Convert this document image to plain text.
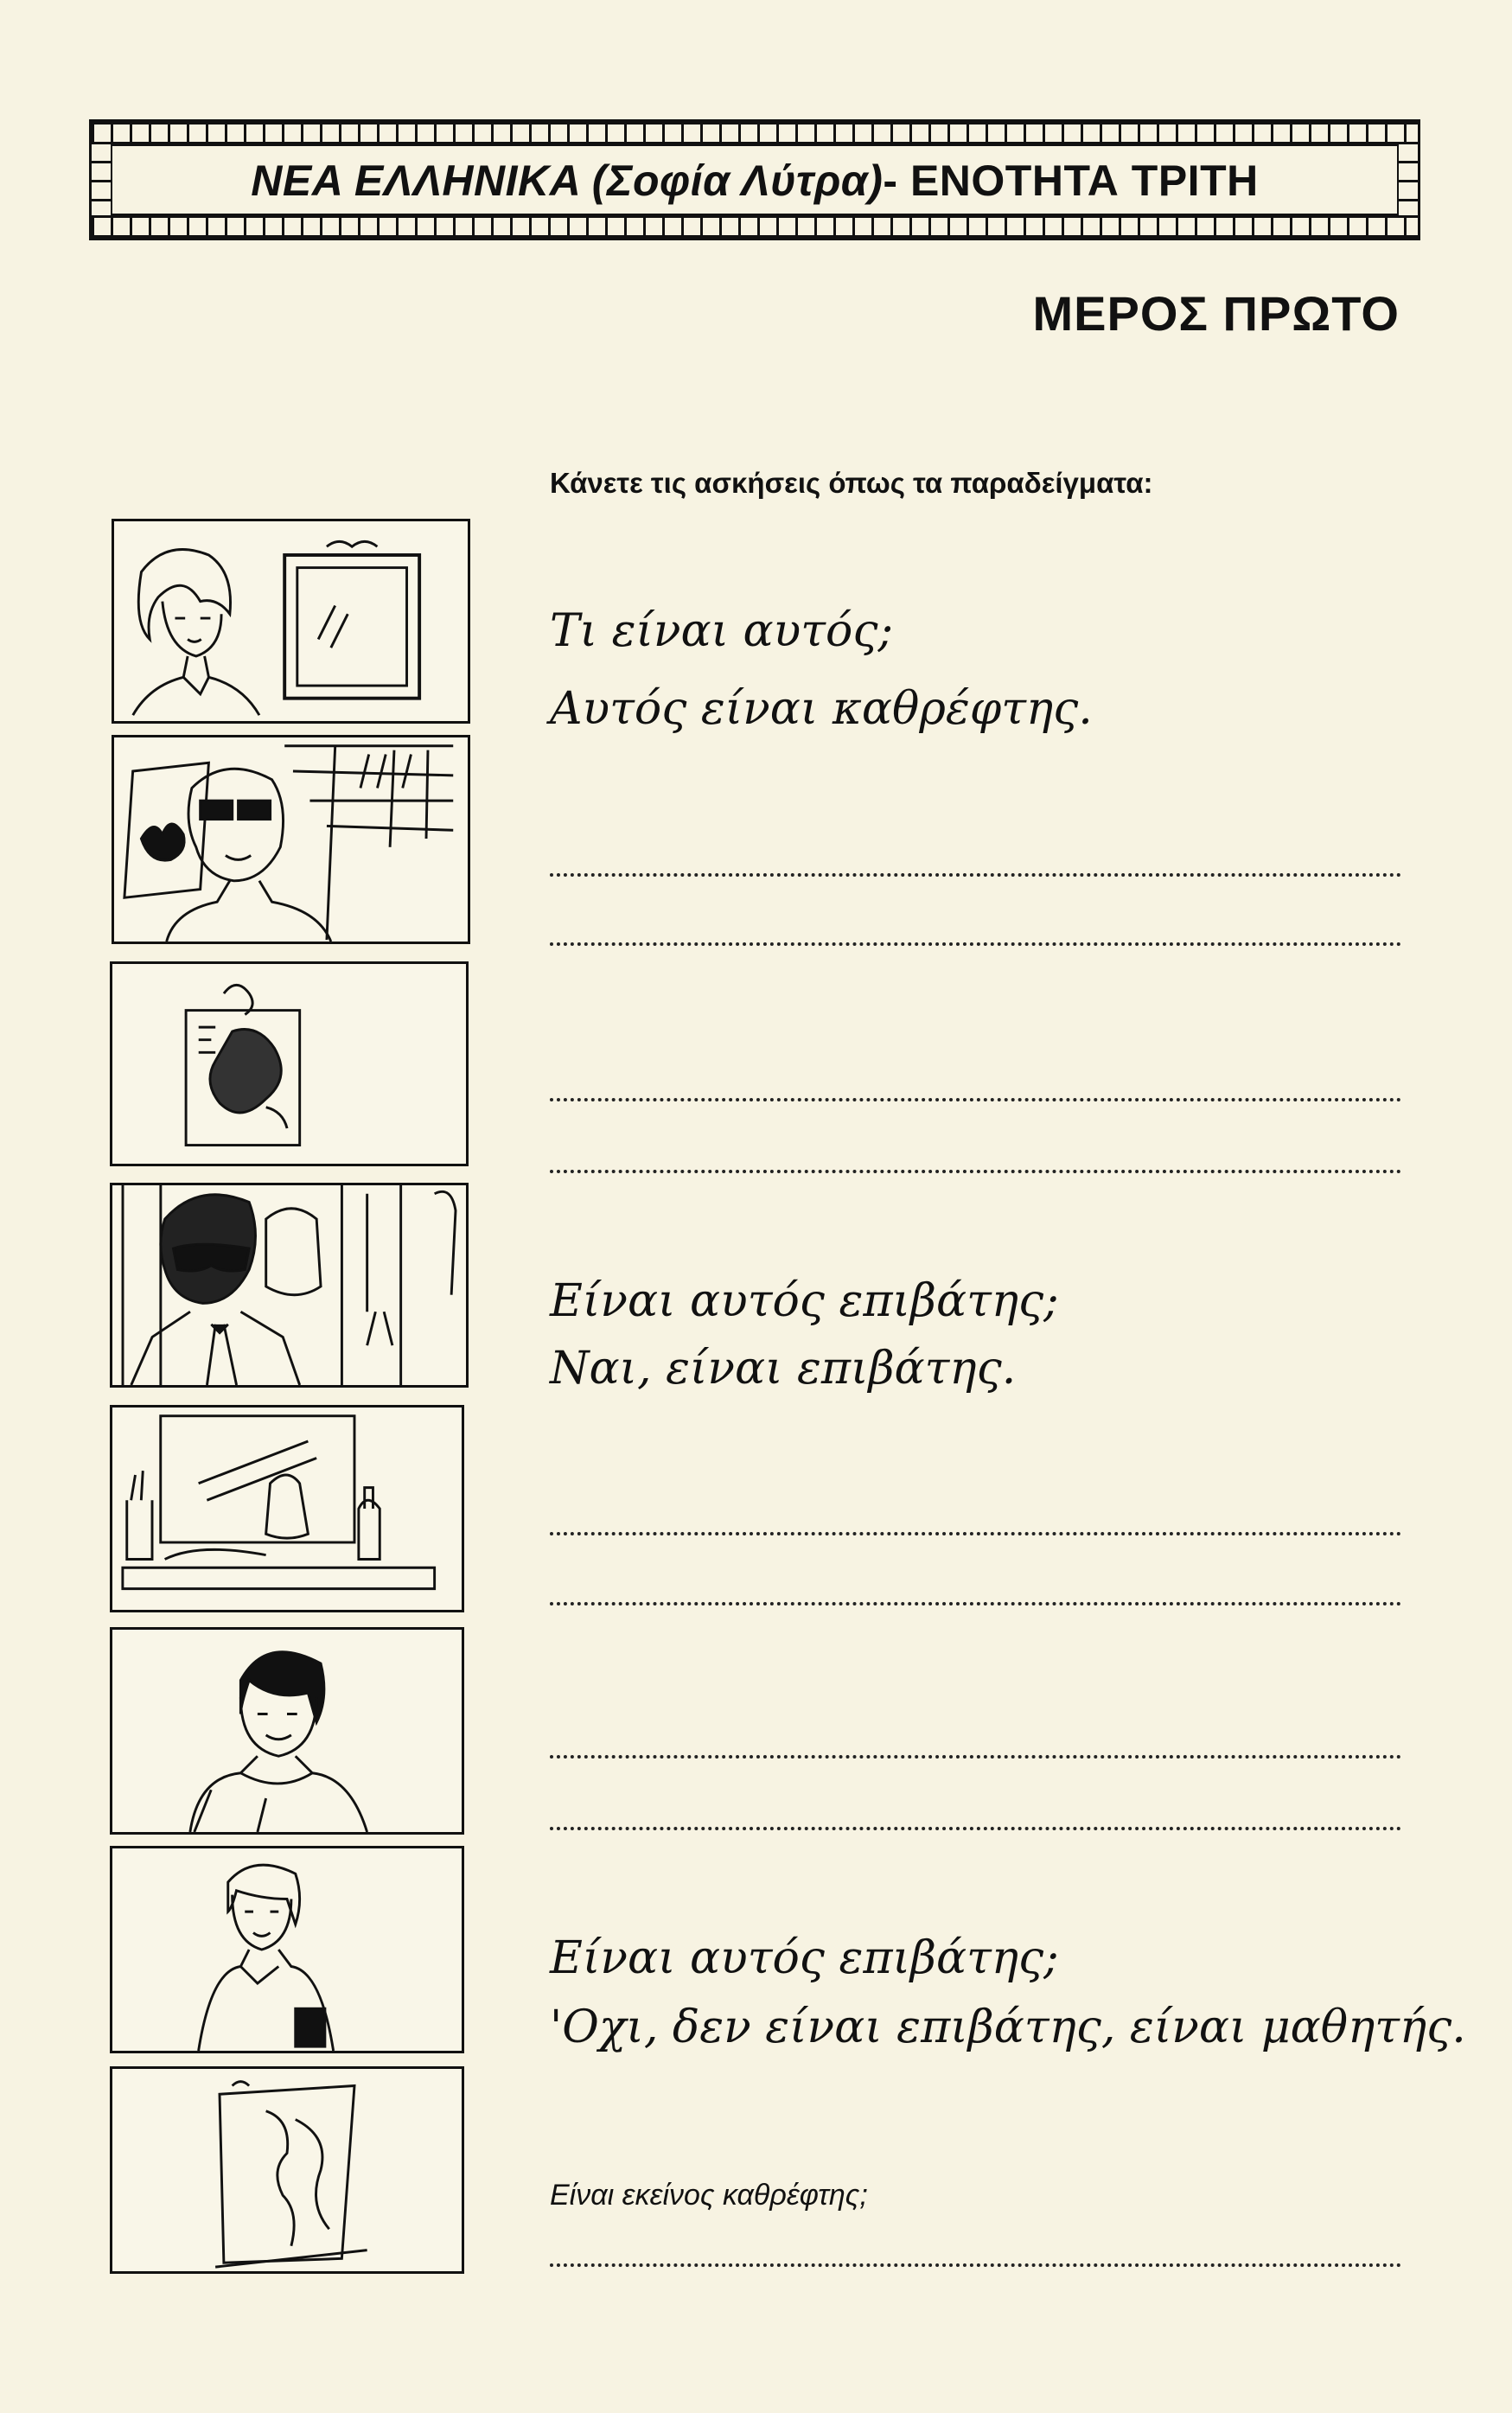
ΝΕΑ ΕΛΛΗΝΙΚΑ (Σοφία Λύτρα) - ΕΝΟΤΗΤΑ ΤΡΙΤΗ
ΜΕΡΟΣ ΠΡΩΤΟ
Κάνετε τις ασκήσεις όπως τα παραδείγματα:
Τι είναι αυτός;
Αυτός είναι καθρέφτης.
Είναι αυτός επιβάτης;
Ναι, είναι επιβάτης.
Είναι αυτός επιβάτης;
'Οχι, δεν είναι επιβάτης, είναι μαθητής.
Είναι εκείνος καθρέφτης;
